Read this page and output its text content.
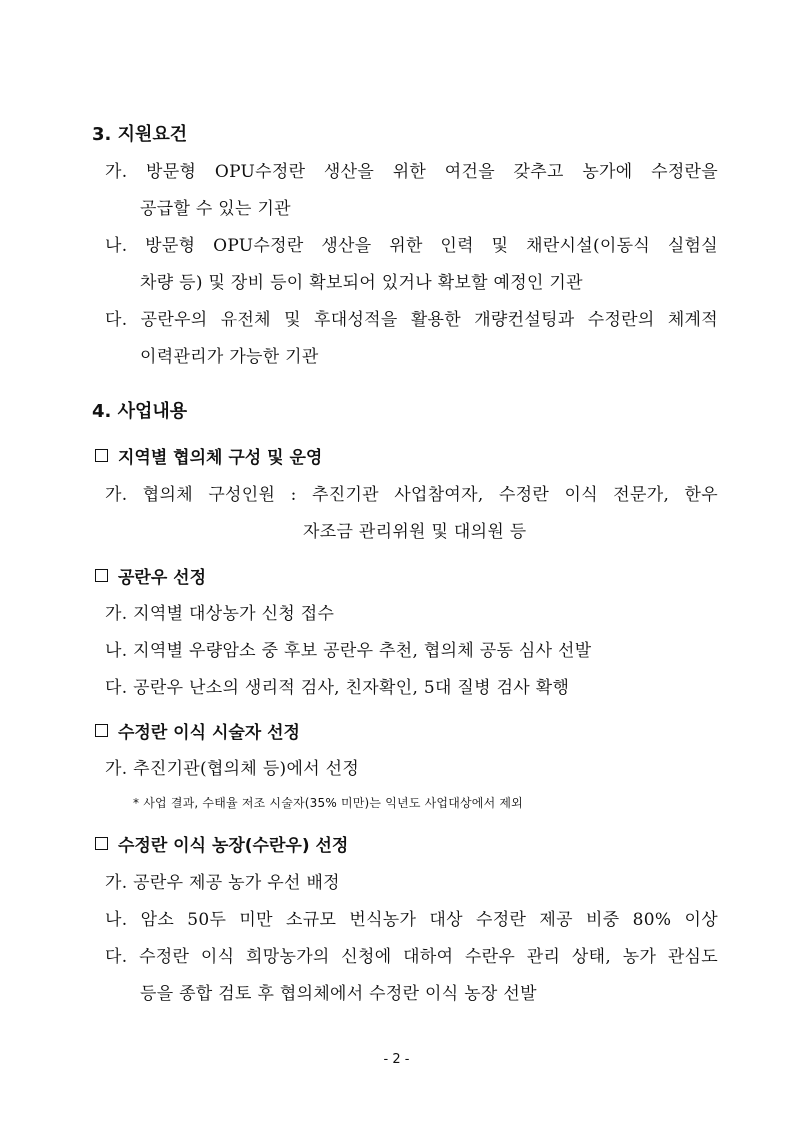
3. 지원요건
가. 방문형 OPU수정란 생산을 위한 여건을 갖추고 농가에 수정란을
공급할 수 있는 기관
나. 방문형 OPU수정란 생산을 위한 인력 및 채란시설(이동식 실험실
차량 등) 및 장비 등이 확보되어 있거나 확보할 예정인 기관
다. 공란우의 유전체 및 후대성적을 활용한 개량컨설팅과 수정란의 체계적
이력관리가 가능한 기관
4. 사업내용
지역별 협의체 구성 및 운영
가. 협의체 구성인원 : 추진기관 사업참여자, 수정란 이식 전문가, 한우
자조금 관리위원 및 대의원 등
공란우 선정
가. 지역별 대상농가 신청 접수
나. 지역별 우량암소 중 후보 공란우 추천, 협의체 공동 심사 선발
다. 공란우 난소의 생리적 검사, 친자확인, 5대 질병 검사 확행
수정란 이식 시술자 선정
가. 추진기관(협의체 등)에서 선정
* 사업 결과, 수태율 저조 시술자(35% 미만)는 익년도 사업대상에서 제외
수정란 이식 농장(수란우) 선정
가. 공란우 제공 농가 우선 배정
나. 암소 50두 미만 소규모 번식농가 대상 수정란 제공 비중 80% 이상
다. 수정란 이식 희망농가의 신청에 대하여 수란우 관리 상태, 농가 관심도
등을 종합 검토 후 협의체에서 수정란 이식 농장 선발
- 2 -
